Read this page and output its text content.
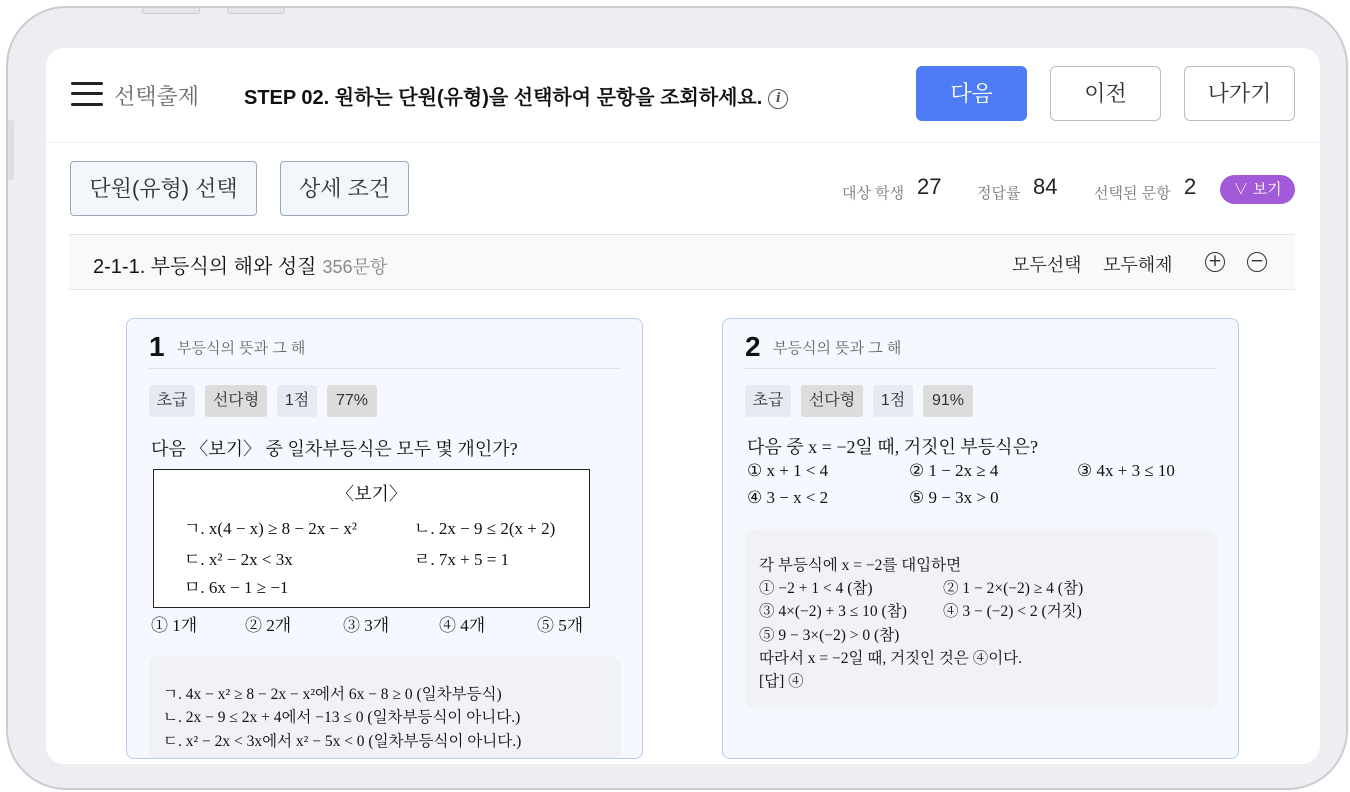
선택출제 STEP 02. 원하는 단원(유형)을 선택하여 문항을 조회하세요. i	다음	이전	나가기
단원(유형) 선택	상세 조건	대상 학생 27 정답률 84 선택된 문항 2	∨ 보기
2-1-1. 부등식의 해와 성질 356문항	모두선택 모두해제 + −
1 부등식의 뜻과 그 해
초급	선다형	1점	77%
다음 〈보기〉 중 일차부등식은 모두 몇 개인가?
〈보기〉
ㄱ. x(4 − x) ≥ 8 − 2x − x²	ㄴ. 2x − 9 ≤ 2(x + 2)
ㄷ. x² − 2x < 3x	ㄹ. 7x + 5 = 1
ㅁ. 6x − 1 ≥ −1
① 1개	② 2개	③ 3개	④ 4개	⑤ 5개
ㄱ. 4x − x² ≥ 8 − 2x − x²에서 6x − 8 ≥ 0 (일차부등식)
ㄴ. 2x − 9 ≤ 2x + 4에서 −13 ≤ 0 (일차부등식이 아니다.)
ㄷ. x² − 2x < 3x에서 x² − 5x < 0 (일차부등식이 아니다.)
2 부등식의 뜻과 그 해
초급	선다형	1점	91%
다음 중 x = −2일 때, 거짓인 부등식은?
① x + 1 < 4	② 1 − 2x ≥ 4	③ 4x + 3 ≤ 10
④ 3 − x < 2	⑤ 9 − 3x > 0
각 부등식에 x = −2를 대입하면
① −2 + 1 < 4 (참)	② 1 − 2×(−2) ≥ 4 (참)
③ 4×(−2) + 3 ≤ 10 (참) ④ 3 − (−2) < 2 (거짓)
⑤ 9 − 3×(−2) > 0 (참)
따라서 x = −2일 때, 거짓인 것은 ④이다.
[답] ④
